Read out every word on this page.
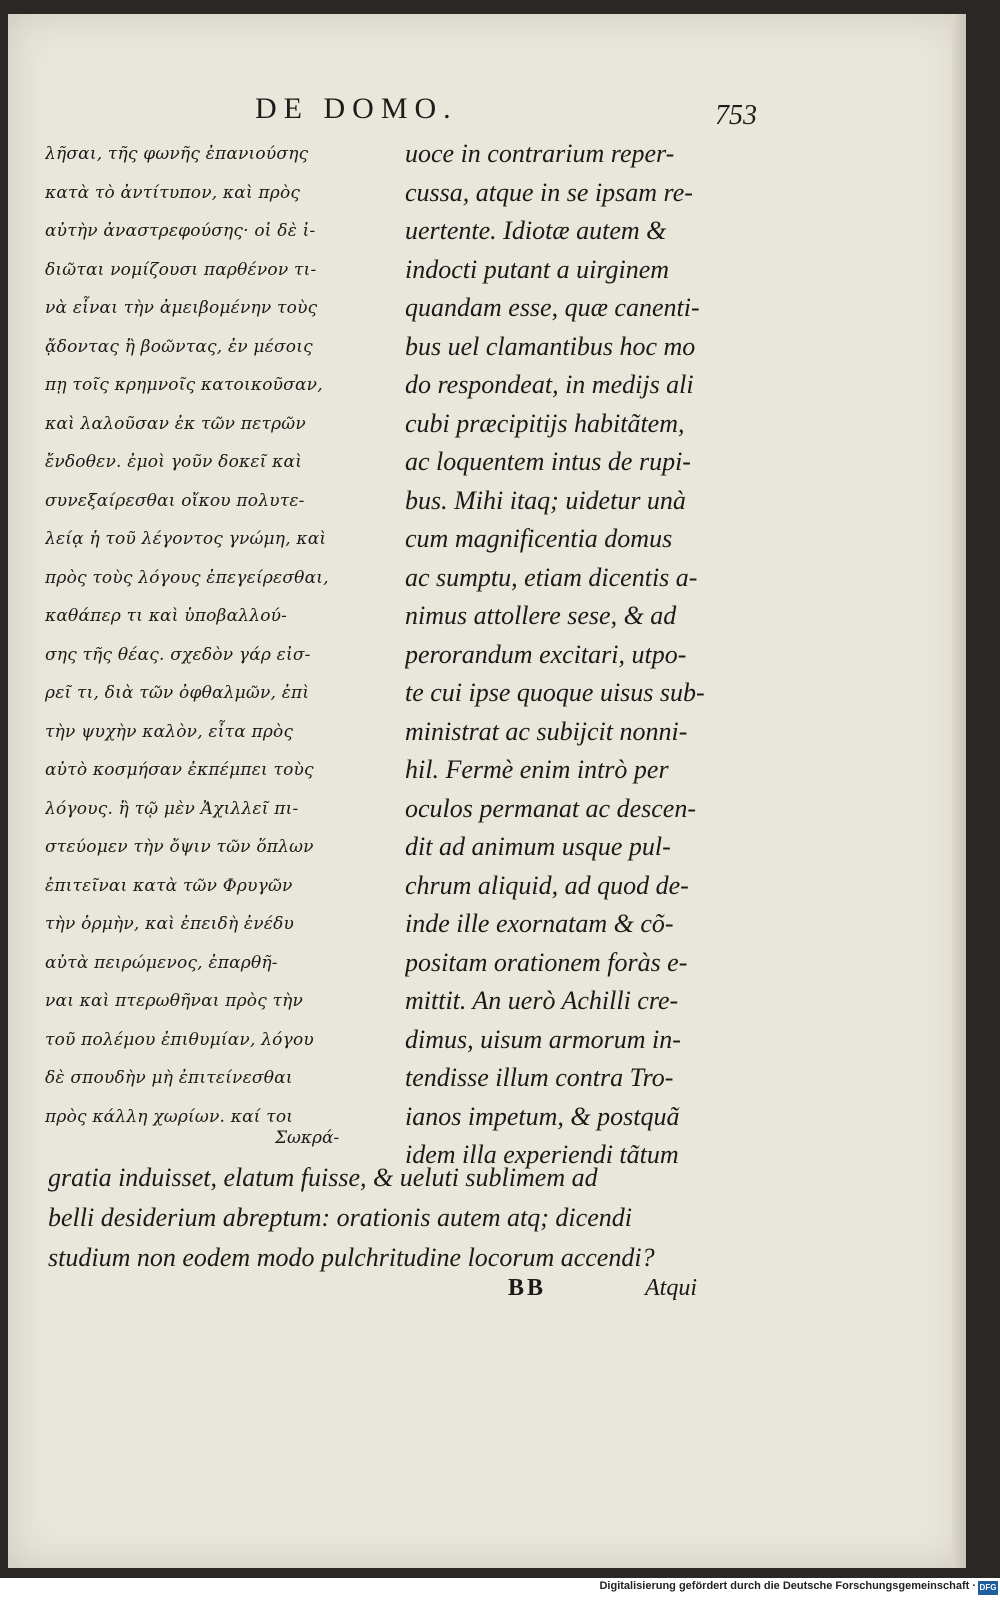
DE DOMO.	753
λῆσαι, τῆς φωνῆς ἐπανιούσης
κατὰ τὸ ἀντίτυπον, καὶ πρὸς
αὐτὴν ἀναστρεφούσης· οἱ δὲ ἰ-
διῶται νομίζουσι παρθένον τι-
νὰ εἶναι τὴν ἀμειβομένην τοὺς
ᾄδοντας ἢ βοῶντας, ἐν μέσοις
πῃ τοῖς κρημνοῖς κατοικοῦσαν,
καὶ λαλοῦσαν ἐκ τῶν πετρῶν
ἔνδοθεν. ἐμοὶ γοῦν δοκεῖ καὶ
συνεξαίρεσθαι οἴκου πολυτε-
λείᾳ ἡ τοῦ λέγοντος γνώμη, καὶ
πρὸς τοὺς λόγους ἐπεγείρεσθαι,
καθάπερ τι καὶ ὑποβαλλού-
σης τῆς θέας. σχεδὸν γάρ εἰσ-
ρεῖ τι, διὰ τῶν ὀφθαλμῶν, ἐπὶ
τὴν ψυχὴν καλὸν, εἶτα πρὸς
αὐτὸ κοσμήσαν ἐκπέμπει τοὺς
λόγους. ἢ τῷ μὲν Ἀχιλλεῖ πι-
στεύομεν τὴν ὄψιν τῶν ὅπλων
ἐπιτεῖναι κατὰ τῶν Φρυγῶν
τὴν ὁρμὴν, καὶ ἐπειδὴ ἐνέδυ
αὐτὰ πειρώμενος, ἐπαρθῆ-
ναι καὶ πτερωθῆναι πρὸς τὴν
τοῦ πολέμου ἐπιθυμίαν, λόγου
δὲ σπουδὴν μὴ ἐπιτείνεσθαι
πρὸς κάλλη χωρίων. καί τοι
Σωκρά-
uoce in contrarium reper-
cussa, atque in se ipsam re-
uertente. Idiotæ autem &
indocti putant a uirginem
quandam esse, quæ canenti-
bus uel clamantibus hoc mo
do respondeat, in medijs ali
cubi præcipitijs habitãtem,
ac loquentem intus de rupi-
bus. Mihi itaq; uidetur unà
cum magnificentia domus
ac sumptu, etiam dicentis a-
nimus attollere sese, & ad
perorandum excitari, utpo-
te cui ipse quoque uisus sub-
ministrat ac subijcit nonni-
hil. Fermè enim intrò per
oculos permanat ac descen-
dit ad animum usque pul-
chrum aliquid, ad quod de-
inde ille exornatam & cõ-
positam orationem foràs e-
mittit. An uerò Achilli cre-
dimus, uisum armorum in-
tendisse illum contra Tro-
ianos impetum, & postquã
idem illa experiendi tãtum
gratia induisset, elatum fuisse, & ueluti sublimem ad
belli desiderium abreptum: orationis autem atq; dicendi
studium non eodem modo pulchritudine locorum accendi?
BB	Atqui
Digitalisierung gefördert durch die Deutsche Forschungsgemeinschaft · DFG
